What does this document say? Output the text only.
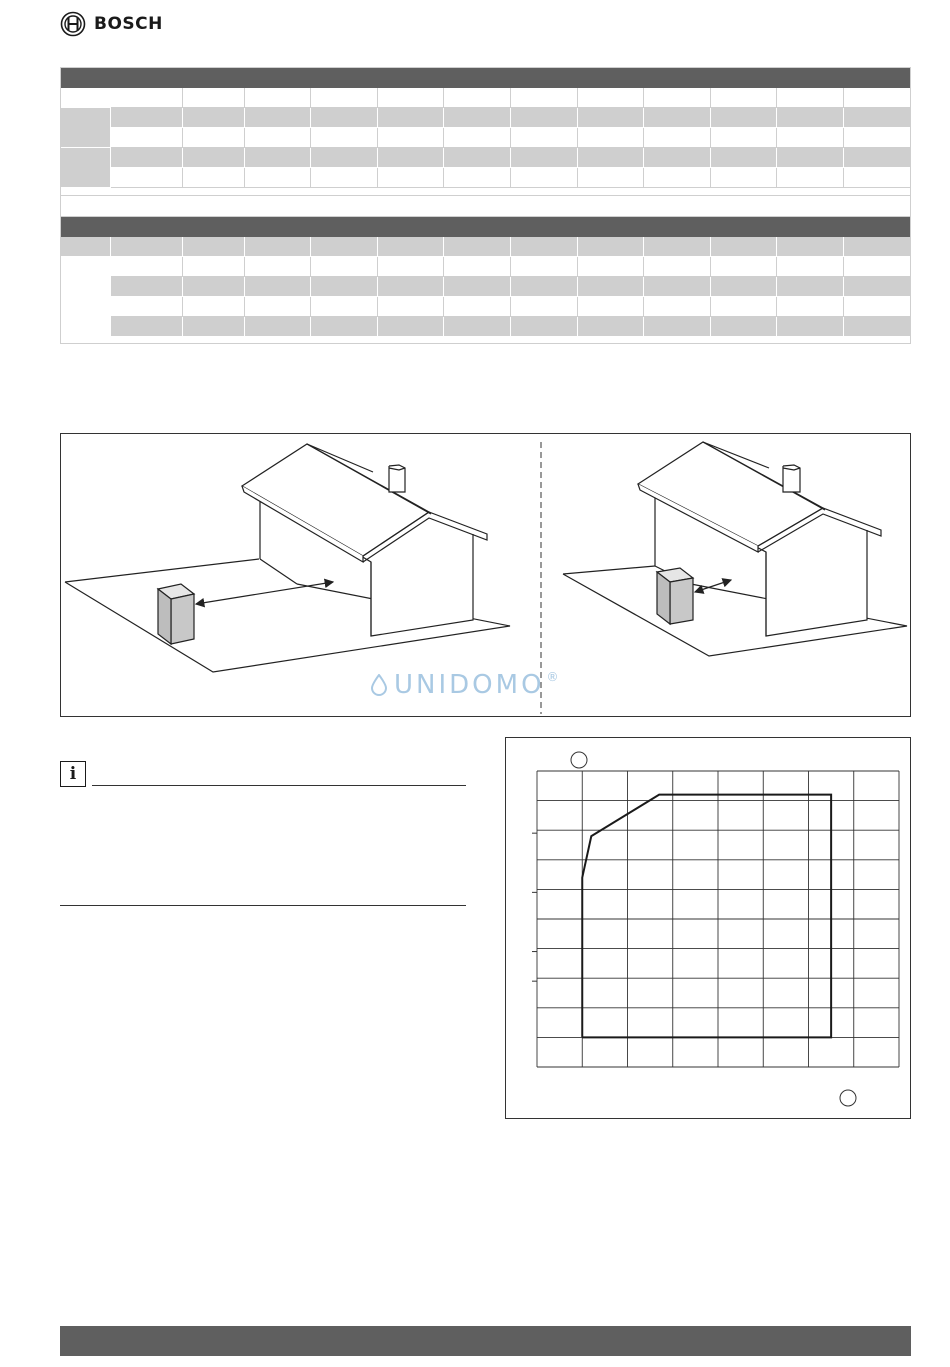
BOSCH

UNIDOMO ®
i
